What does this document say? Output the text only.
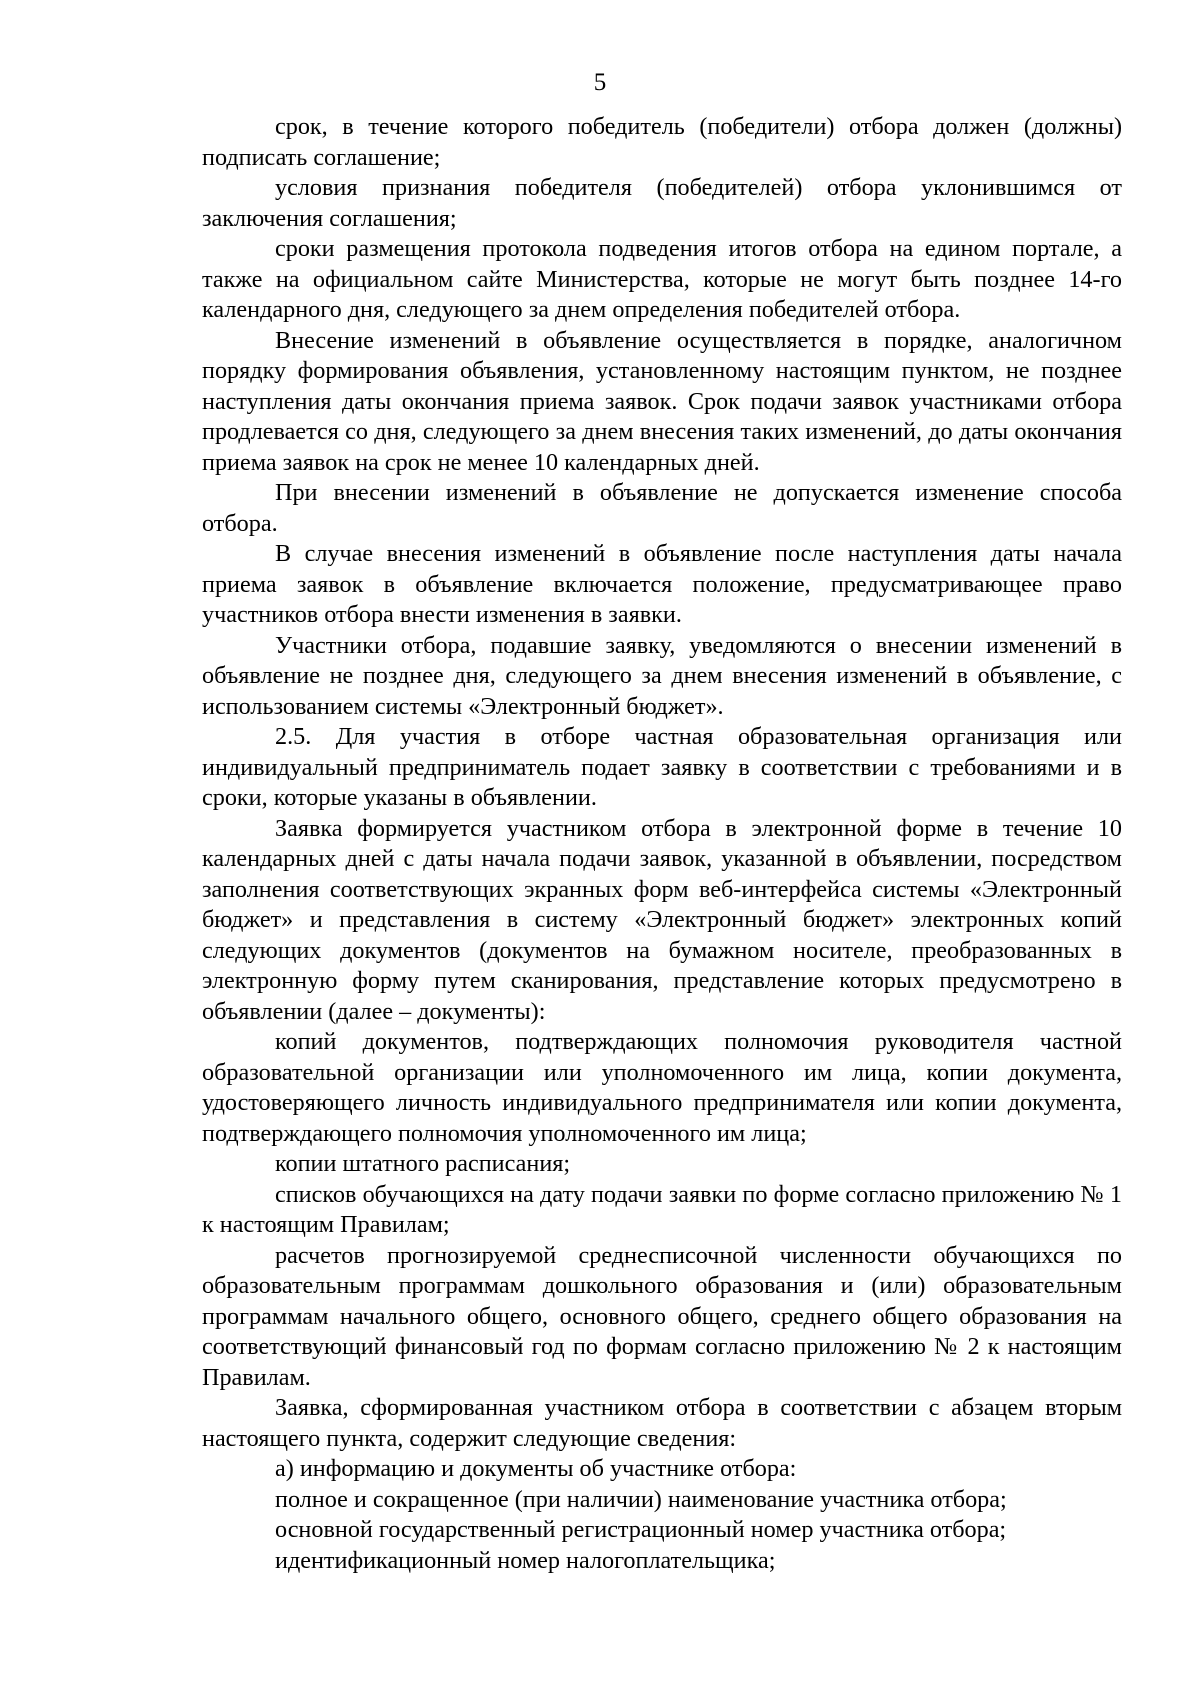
5

срок, в течение которого победитель (победители) отбора должен (должны) подписать соглашение;

условия признания победителя (победителей) отбора уклонившимся от заключения соглашения;

сроки размещения протокола подведения итогов отбора на едином портале, а также на официальном сайте Министерства, которые не могут быть позднее 14-го календарного дня, следующего за днем определения победителей отбора.

Внесение изменений в объявление осуществляется в порядке, аналогичном порядку формирования объявления, установленному настоящим пунктом, не позднее наступления даты окончания приема заявок. Срок подачи заявок участниками отбора продлевается со дня, следующего за днем внесения таких изменений, до даты окончания приема заявок на срок не менее 10 календарных дней.

При внесении изменений в объявление не допускается изменение способа отбора.

В случае внесения изменений в объявление после наступления даты начала приема заявок в объявление включается положение, предусматривающее право участников отбора внести изменения в заявки.

Участники отбора, подавшие заявку, уведомляются о внесении изменений в объявление не позднее дня, следующего за днем внесения изменений в объявление, с использованием системы «Электронный бюджет».

2.5. Для участия в отборе частная образовательная организация или индивидуальный предприниматель подает заявку в соответствии с требованиями и в сроки, которые указаны в объявлении.

Заявка формируется участником отбора в электронной форме в течение 10 календарных дней с даты начала подачи заявок, указанной в объявлении, посредством заполнения соответствующих экранных форм веб-интерфейса системы «Электронный бюджет» и представления в систему «Электронный бюджет» электронных копий следующих документов (документов на бумажном носителе, преобразованных в электронную форму путем сканирования, представление которых предусмотрено в объявлении (далее – документы):

копий документов, подтверждающих полномочия руководителя частной образовательной организации или уполномоченного им лица, копии документа, удостоверяющего личность индивидуального предпринимателя или копии документа, подтверждающего полномочия уполномоченного им лица;

копии штатного расписания;

списков обучающихся на дату подачи заявки по форме согласно приложению № 1 к настоящим Правилам;

расчетов прогнозируемой среднесписочной численности обучающихся по образовательным программам дошкольного образования и (или) образовательным программам начального общего, основного общего, среднего общего образования на соответствующий финансовый год по формам согласно приложению № 2 к настоящим Правилам.

Заявка, сформированная участником отбора в соответствии с абзацем вторым настоящего пункта, содержит следующие сведения:

а) информацию и документы об участнике отбора:

полное и сокращенное (при наличии) наименование участника отбора;

основной государственный регистрационный номер участника отбора;

идентификационный номер налогоплательщика;
